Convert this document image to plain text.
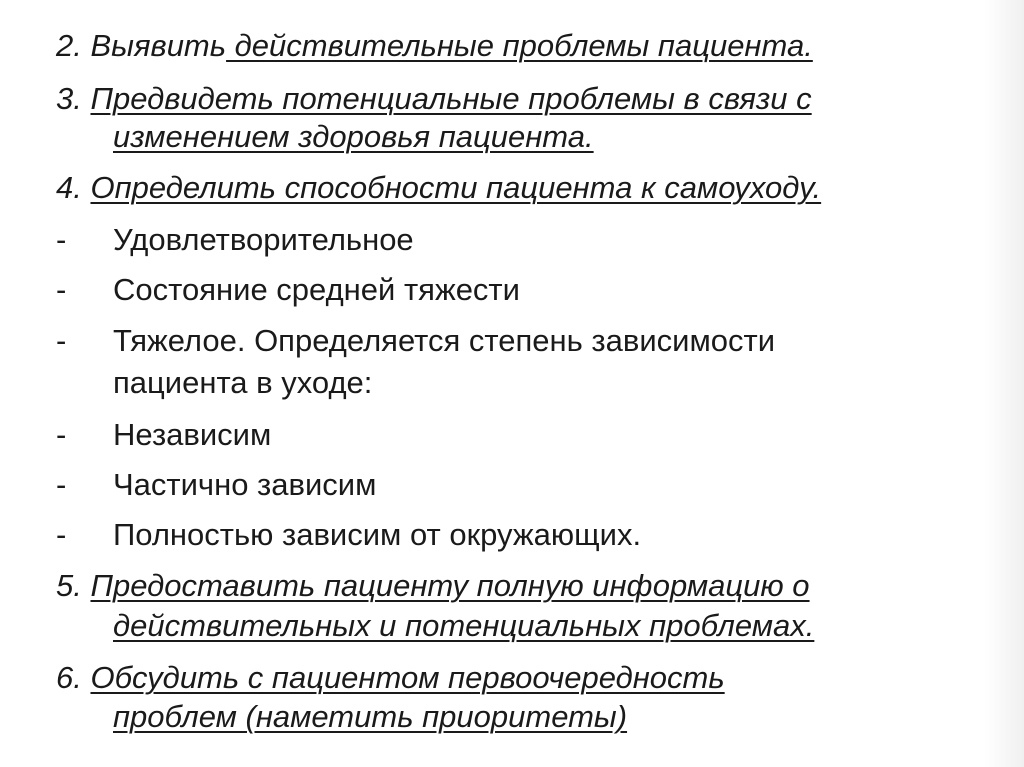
2. Выявить действительные проблемы пациента.
3. Предвидеть потенциальные проблемы в связи с
изменением здоровья пациента.
4. Определить способности пациента к самоуходу.
- Удовлетворительное
- Состояние средней тяжести
- Тяжелое. Определяется степень зависимости
пациента в уходе:
- Независим
- Частично зависим
- Полностью зависим от окружающих.
5. Предоставить пациенту полную информацию о
действительных и потенциальных проблемах.
6. Обсудить с пациентом первоочередность
проблем (наметить приоритеты)
